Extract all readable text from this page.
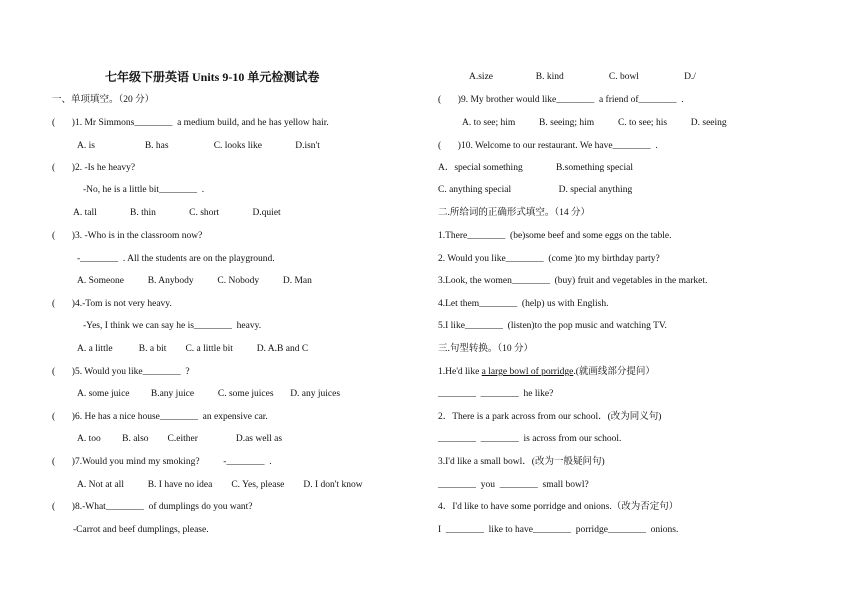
七年级下册英语 Units 9-10 单元检测试卷
一、单项填空。（20 分）
(       )1. Mr Simmons________  a medium build, and he has yellow hair.
A. is                     B. has                   C. looks like              D.isn't
(       )2. -Is he heavy?
-No, he is a little bit________  .
A. tall              B. thin              C. short              D.quiet
(       )3. -Who is in the classroom now?
-________  . All the students are on the playground.
A. Someone          B. Anybody          C. Nobody          D. Man
(       )4.-Tom is not very heavy.
-Yes, I think we can say he is________  heavy.
A. a little           B. a bit        C. a little bit          D. A.B and C
(       )5. Would you like________  ?
A. some juice         B.any juice          C. some juices       D. any juices
(       )6. He has a nice house________  an expensive car.
A. too         B. also        C.either                D.as well as
(       )7.Would you mind my smoking?          -________  .
A. Not at all          B. I have no idea        C. Yes, please        D. I don't know
(       )8.-What________  of dumplings do you want?
-Carrot and beef dumplings, please.
A.size                  B. kind                   C. bowl                   D./
(       )9. My brother would like________  a friend of________  .
A. to see; him          B. seeing; him          C. to see; his          D. seeing
(       )10. Welcome to our restaurant. We have________  .
A．special something              B.something special
C. anything special                    D. special anything
二.所给词的正确形式填空。（14 分）
1.There________  (be)some beef and some eggs on the table.
2. Would you like________  (come )to my birthday party?
3.Look, the women________  (buy) fruit and vegetables in the market.
4.Let them________  (help) us with English.
5.I like________  (listen)to the pop music and watching TV.
三.句型转换。（10 分）
1.He'd like a large bowl of porridge.(就画线部分提问）
________  ________  he like?
2．There is a park across from our school．(改为同义句)
________  ________  is across from our school.
3.I'd like a small bowl．(改为一般疑问句)
________  you  ________  small bowl?
4．I'd like to have some porridge and onions.（改为否定句）
I  ________  like to have________  porridge________  onions.
